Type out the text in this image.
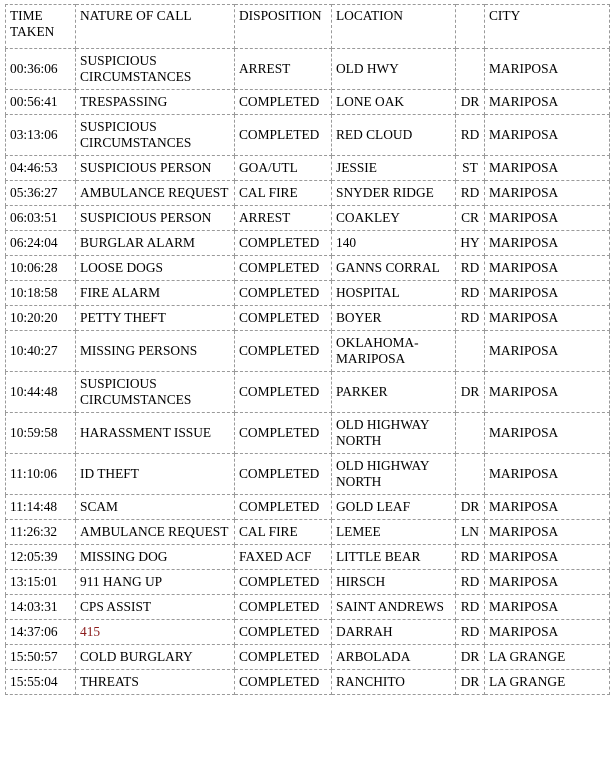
TIME TAKEN	NATURE OF CALL	DISPOSITION	LOCATION		CITY
00:36:06	SUSPICIOUS CIRCUMSTANCES	ARREST	OLD HWY		MARIPOSA
00:56:41	TRESPASSING	COMPLETED	LONE OAK	DR	MARIPOSA
03:13:06	SUSPICIOUS CIRCUMSTANCES	COMPLETED	RED CLOUD	RD	MARIPOSA
04:46:53	SUSPICIOUS PERSON	GOA/UTL	JESSIE	ST	MARIPOSA
05:36:27	AMBULANCE REQUEST	CAL FIRE	SNYDER RIDGE	RD	MARIPOSA
06:03:51	SUSPICIOUS PERSON	ARREST	COAKLEY	CR	MARIPOSA
06:24:04	BURGLAR ALARM	COMPLETED	140	HY	MARIPOSA
10:06:28	LOOSE DOGS	COMPLETED	GANNS CORRAL	RD	MARIPOSA
10:18:58	FIRE ALARM	COMPLETED	HOSPITAL	RD	MARIPOSA
10:20:20	PETTY THEFT	COMPLETED	BOYER	RD	MARIPOSA
10:40:27	MISSING PERSONS	COMPLETED	OKLAHOMA-MARIPOSA		MARIPOSA
10:44:48	SUSPICIOUS CIRCUMSTANCES	COMPLETED	PARKER	DR	MARIPOSA
10:59:58	HARASSMENT ISSUE	COMPLETED	OLD HIGHWAY NORTH		MARIPOSA
11:10:06	ID THEFT	COMPLETED	OLD HIGHWAY NORTH		MARIPOSA
11:14:48	SCAM	COMPLETED	GOLD LEAF	DR	MARIPOSA
11:26:32	AMBULANCE REQUEST	CAL FIRE	LEMEE	LN	MARIPOSA
12:05:39	MISSING DOG	FAXED ACF	LITTLE BEAR	RD	MARIPOSA
13:15:01	911 HANG UP	COMPLETED	HIRSCH	RD	MARIPOSA
14:03:31	CPS ASSIST	COMPLETED	SAINT ANDREWS	RD	MARIPOSA
14:37:06	415	COMPLETED	DARRAH	RD	MARIPOSA
15:50:57	COLD BURGLARY	COMPLETED	ARBOLADA	DR	LA GRANGE
15:55:04	THREATS	COMPLETED	RANCHITO	DR	LA GRANGE
